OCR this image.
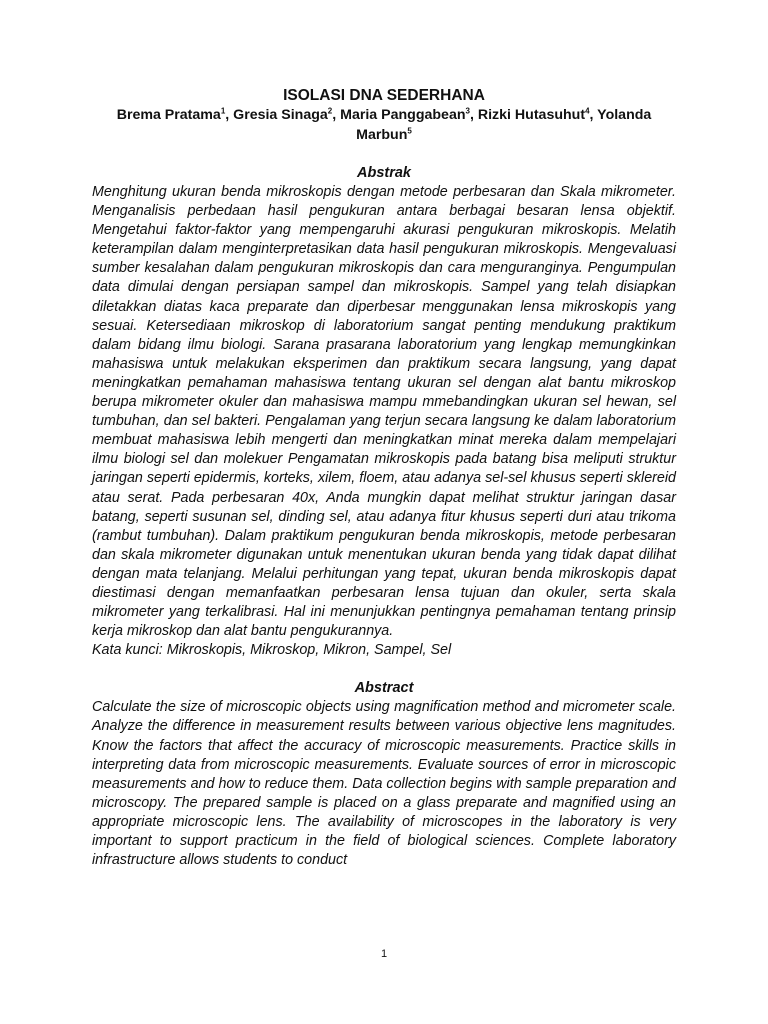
ISOLASI DNA SEDERHANA

Brema Pratama$^1$, Gresia Sinaga$^2$, Maria Panggabean$^3$, Rizki Hutasuhut$^4$, Yolanda Marbun$^5$

Abstrak

Menghitung ukuran benda mikroskopis dengan metode perbesaran dan Skala mikrometer. Menganalisis perbedaan hasil pengukuran antara berbagai besaran lensa objektif. Mengetahui faktor-faktor yang mempengaruhi akurasi pengukuran mikroskopis. Melatih keterampilan dalam menginterpretasikan data hasil pengukuran mikroskopis. Mengevaluasi sumber kesalahan dalam pengukuran mikroskopis dan cara menguranginya. Pengumpulan data dimulai dengan persiapan sampel dan mikroskopis. Sampel yang telah disiapkan diletakkan diatas kaca preparate dan diperbesar menggunakan lensa mikroskopis yang sesuai. Ketersediaan mikroskop di laboratorium sangat penting mendukung praktikum dalam bidang ilmu biologi. Sarana prasarana laboratorium yang lengkap memungkinkan mahasiswa untuk melakukan eksperimen dan praktikum secara langsung, yang dapat meningkatkan pemahaman mahasiswa tentang ukuran sel dengan alat bantu mikroskop berupa mikrometer okuler dan mahasiswa mampu mmebandingkan ukuran sel hewan, sel tumbuhan, dan sel bakteri. Pengalaman yang terjun secara langsung ke dalam laboratorium membuat mahasiswa lebih mengerti dan meningkatkan minat mereka dalam mempelajari ilmu biologi sel dan molekuer Pengamatan mikroskopis pada batang bisa meliputi struktur jaringan seperti epidermis, korteks, xilem, floem, atau adanya sel-sel khusus seperti sklereid atau serat. Pada perbesaran 40x, Anda mungkin dapat melihat struktur jaringan dasar batang, seperti susunan sel, dinding sel, atau adanya fitur khusus seperti duri atau trikoma (rambut tumbuhan). Dalam praktikum pengukuran benda mikroskopis, metode perbesaran dan skala mikrometer digunakan untuk menentukan ukuran benda yang tidak dapat dilihat dengan mata telanjang. Melalui perhitungan yang tepat, ukuran benda mikroskopis dapat diestimasi dengan memanfaatkan perbesaran lensa tujuan dan okuler, serta skala mikrometer yang terkalibrasi. Hal ini menunjukkan pentingnya pemahaman tentang prinsip kerja mikroskop dan alat bantu pengukurannya.

Kata kunci: Mikroskopis, Mikroskop, Mikron, Sampel, Sel

Abstract

Calculate the size of microscopic objects using magnification method and micrometer scale. Analyze the difference in measurement results between various objective lens magnitudes. Know the factors that affect the accuracy of microscopic measurements. Practice skills in interpreting data from microscopic measurements. Evaluate sources of error in microscopic measurements and how to reduce them. Data collection begins with sample preparation and microscopy. The prepared sample is placed on a glass preparate and magnified using an appropriate microscopic lens. The availability of microscopes in the laboratory is very important to support practicum in the field of biological sciences. Complete laboratory infrastructure allows students to conduct

1
